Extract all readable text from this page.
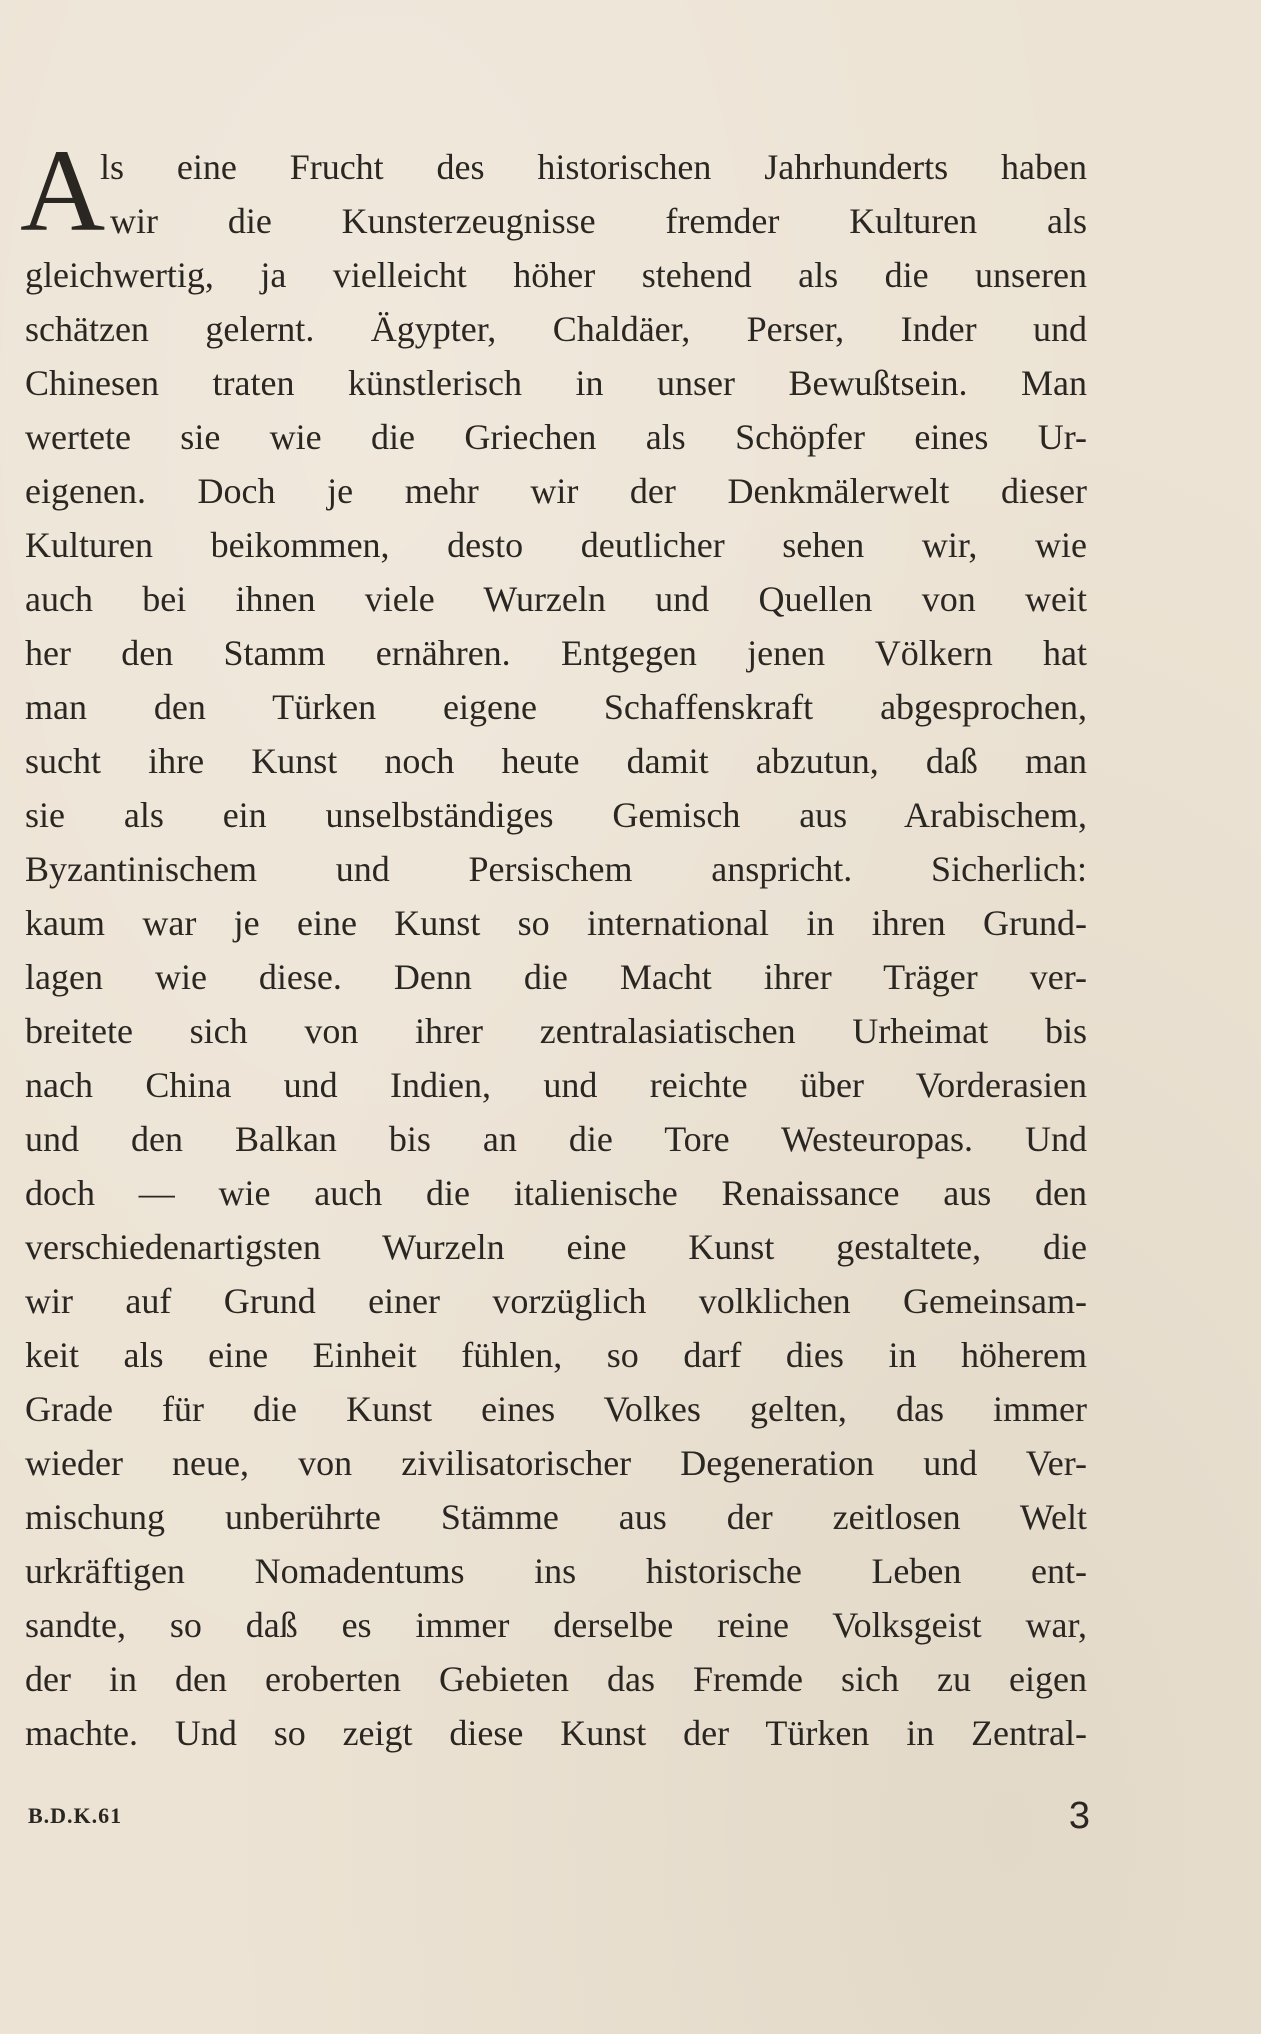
A
ls eine Frucht des historischen Jahrhunderts haben
wir die Kunsterzeugnisse fremder Kulturen als
gleichwertig, ja vielleicht höher stehend als die unseren
schätzen gelernt. Ägypter, Chaldäer, Perser, Inder und
Chinesen traten künstlerisch in unser Bewußtsein. Man
wertete sie wie die Griechen als Schöpfer eines Ur-
eigenen. Doch je mehr wir der Denkmälerwelt dieser
Kulturen beikommen, desto deutlicher sehen wir, wie
auch bei ihnen viele Wurzeln und Quellen von weit
her den Stamm ernähren. Entgegen jenen Völkern hat
man den Türken eigene Schaffenskraft abgesprochen,
sucht ihre Kunst noch heute damit abzutun, daß man
sie als ein unselbständiges Gemisch aus Arabischem,
Byzantinischem und Persischem anspricht. Sicherlich:
kaum war je eine Kunst so international in ihren Grund-
lagen wie diese. Denn die Macht ihrer Träger ver-
breitete sich von ihrer zentralasiatischen Urheimat bis
nach China und Indien, und reichte über Vorderasien
und den Balkan bis an die Tore Westeuropas. Und
doch — wie auch die italienische Renaissance aus den
verschiedenartigsten Wurzeln eine Kunst gestaltete, die
wir auf Grund einer vorzüglich volklichen Gemeinsam-
keit als eine Einheit fühlen, so darf dies in höherem
Grade für die Kunst eines Volkes gelten, das immer
wieder neue, von zivilisatorischer Degeneration und Ver-
mischung unberührte Stämme aus der zeitlosen Welt
urkräftigen Nomadentums ins historische Leben ent-
sandte, so daß es immer derselbe reine Volksgeist war,
der in den eroberten Gebieten das Fremde sich zu eigen
machte. Und so zeigt diese Kunst der Türken in Zentral-
B.D.K.61	3
